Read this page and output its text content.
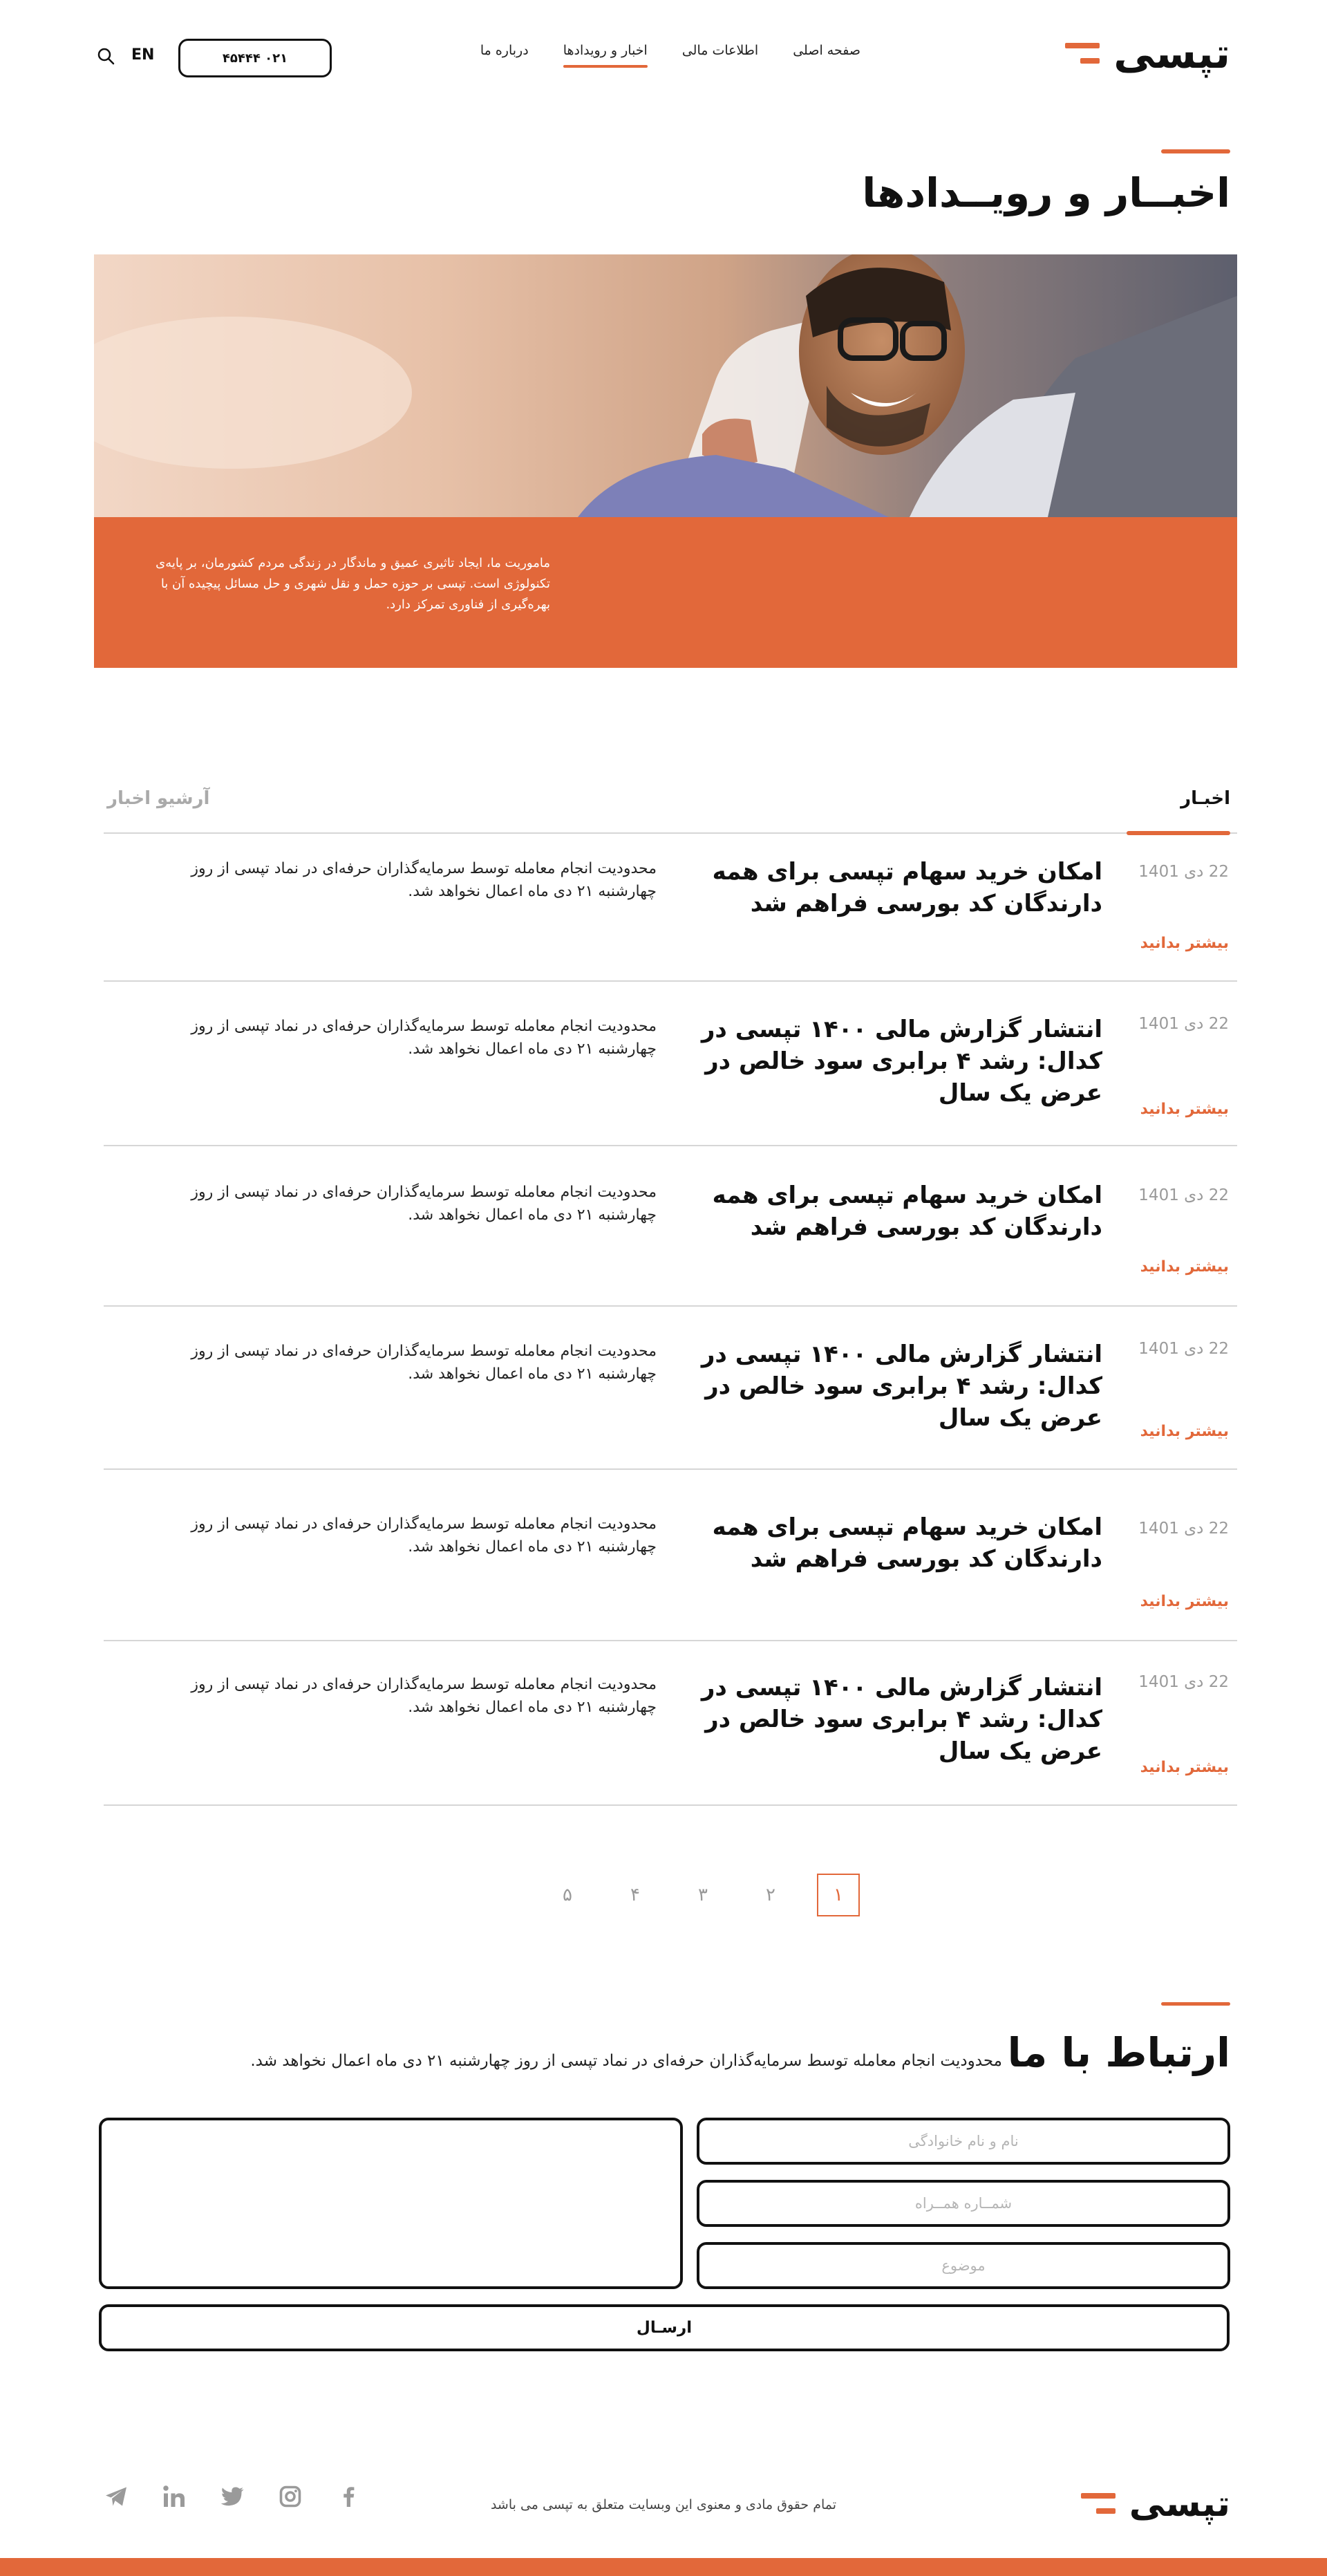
تپسی
صفحه اصلی
اطلاعات مالی
اخبار و رویدادها
درباره ما
۰۲۱ ۴۵۴۴۴
EN
اخبــار و رویــدادها

ماموریت ما، ایجاد تاثیری عمیق و ماندگار در زندگی مردم کشورمان، بر پایه‌ی تکنولوژی است. تپسی بر حوزه حمل و نقل شهری و حل مسائل پیچیده آن با بهره‌گیری از فناوری تمرکز دارد.

اخبـار
آرشیو اخبار
22 دی 1401
امکان خرید سهام تپسی برای همه دارندگان کد بورسی فراهم شد
محدودیت انجام معامله توسط سرمایه‌گذاران حرفه‌ای در نماد تپسی از روز چهارشنبه ۲۱ دی ماه اعمال نخواهد شد.
بیشتر بدانید
22 دی 1401
انتشار گزارش مالی ۱۴۰۰ تپسی در کدال: رشد ۴ برابری سود خالص در عرض یک سال
محدودیت انجام معامله توسط سرمایه‌گذاران حرفه‌ای در نماد تپسی از روز چهارشنبه ۲۱ دی ماه اعمال نخواهد شد.
بیشتر بدانید
22 دی 1401
امکان خرید سهام تپسی برای همه دارندگان کد بورسی فراهم شد
محدودیت انجام معامله توسط سرمایه‌گذاران حرفه‌ای در نماد تپسی از روز چهارشنبه ۲۱ دی ماه اعمال نخواهد شد.
بیشتر بدانید
22 دی 1401
انتشار گزارش مالی ۱۴۰۰ تپسی در کدال: رشد ۴ برابری سود خالص در عرض یک سال
محدودیت انجام معامله توسط سرمایه‌گذاران حرفه‌ای در نماد تپسی از روز چهارشنبه ۲۱ دی ماه اعمال نخواهد شد.
بیشتر بدانید
22 دی 1401
امکان خرید سهام تپسی برای همه دارندگان کد بورسی فراهم شد
محدودیت انجام معامله توسط سرمایه‌گذاران حرفه‌ای در نماد تپسی از روز چهارشنبه ۲۱ دی ماه اعمال نخواهد شد.
بیشتر بدانید
22 دی 1401
انتشار گزارش مالی ۱۴۰۰ تپسی در کدال: رشد ۴ برابری سود خالص در عرض یک سال
محدودیت انجام معامله توسط سرمایه‌گذاران حرفه‌ای در نماد تپسی از روز چهارشنبه ۲۱ دی ماه اعمال نخواهد شد.
بیشتر بدانید
۱
۲
۳
۴
۵
ارتباط با ما

محدودیت انجام معامله توسط سرمایه‌گذاران حرفه‌ای در نماد تپسی از روز چهارشنبه ۲۱ دی ماه اعمال نخواهد شد.

نام و نام خانوادگی
شمــاره همــراه
موضوع
ارسـال
تپسی

تمام حقوق مادی و معنوی این وبسایت متعلق به تپسی می باشد
